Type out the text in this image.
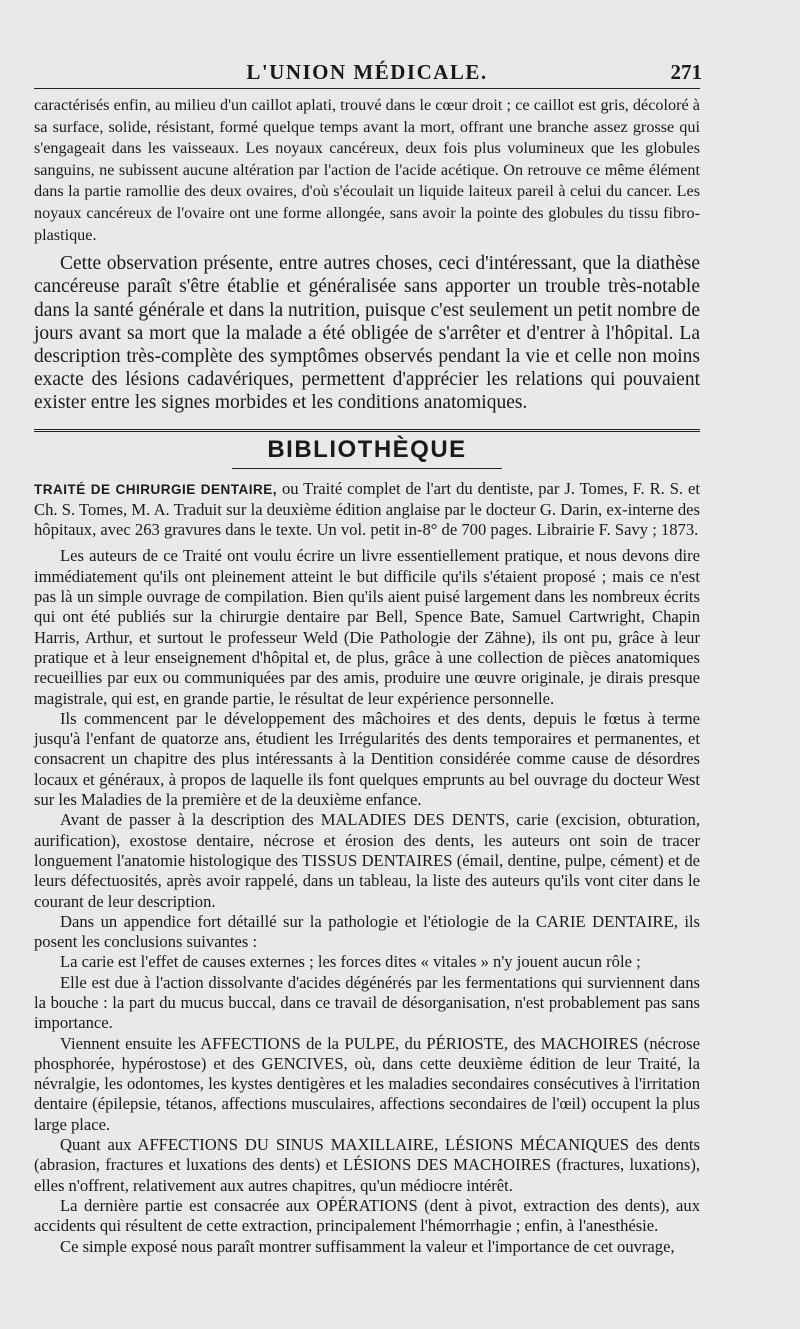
L'UNION MÉDICALE.	271

caractérisés enfin, au milieu d'un caillot aplati, trouvé dans le cœur droit ; ce caillot est gris, décoloré à sa surface, solide, résistant, formé quelque temps avant la mort, offrant une branche assez grosse qui s'engageait dans les vaisseaux. Les noyaux cancéreux, deux fois plus volumineux que les globules sanguins, ne subissent aucune altération par l'action de l'acide acétique. On retrouve ce même élément dans la partie ramollie des deux ovaires, d'où s'écoulait un liquide laiteux pareil à celui du cancer. Les noyaux cancéreux de l'ovaire ont une forme allongée, sans avoir la pointe des globules du tissu fibro-plastique.

Cette observation présente, entre autres choses, ceci d'intéressant, que la diathèse cancéreuse paraît s'être établie et généralisée sans apporter un trouble très-notable dans la santé générale et dans la nutrition, puisque c'est seulement un petit nombre de jours avant sa mort que la malade a été obligée de s'arrêter et d'entrer à l'hôpital. La description très-complète des symptômes observés pendant la vie et celle non moins exacte des lésions cadavériques, permettent d'apprécier les relations qui pouvaient exister entre les signes morbides et les conditions anatomiques.

BIBLIOTHÈQUE

TRAITÉ DE CHIRURGIE DENTAIRE, ou Traité complet de l'art du dentiste, par J. Tomes, F. R. S. et Ch. S. Tomes, M. A. Traduit sur la deuxième édition anglaise par le docteur G. Darin, ex-interne des hôpitaux, avec 263 gravures dans le texte. Un vol. petit in-8° de 700 pages. Librairie F. Savy ; 1873.

Les auteurs de ce Traité ont voulu écrire un livre essentiellement pratique, et nous devons dire immédiatement qu'ils ont pleinement atteint le but difficile qu'ils s'étaient proposé ; mais ce n'est pas là un simple ouvrage de compilation. Bien qu'ils aient puisé largement dans les nombreux écrits qui ont été publiés sur la chirurgie dentaire par Bell, Spence Bate, Samuel Cartwright, Chapin Harris, Arthur, et surtout le professeur Weld (Die Pathologie der Zähne), ils ont pu, grâce à leur pratique et à leur enseignement d'hôpital et, de plus, grâce à une collection de pièces anatomiques recueillies par eux ou communiquées par des amis, produire une œuvre originale, je dirais presque magistrale, qui est, en grande partie, le résultat de leur expérience personnelle.

Ils commencent par le développement des mâchoires et des dents, depuis le fœtus à terme jusqu'à l'enfant de quatorze ans, étudient les Irrégularités des dents temporaires et permanentes, et consacrent un chapitre des plus intéressants à la Dentition considérée comme cause de désordres locaux et généraux, à propos de laquelle ils font quelques emprunts au bel ouvrage du docteur West sur les Maladies de la première et de la deuxième enfance.

Avant de passer à la description des MALADIES DES DENTS, carie (excision, obturation, aurification), exostose dentaire, nécrose et érosion des dents, les auteurs ont soin de tracer longuement l'anatomie histologique des TISSUS DENTAIRES (émail, dentine, pulpe, cément) et de leurs défectuosités, après avoir rappelé, dans un tableau, la liste des auteurs qu'ils vont citer dans le courant de leur description.

Dans un appendice fort détaillé sur la pathologie et l'étiologie de la CARIE DENTAIRE, ils posent les conclusions suivantes :

La carie est l'effet de causes externes ; les forces dites « vitales » n'y jouent aucun rôle ;

Elle est due à l'action dissolvante d'acides dégénérés par les fermentations qui surviennent dans la bouche : la part du mucus buccal, dans ce travail de désorganisation, n'est probablement pas sans importance.

Viennent ensuite les AFFECTIONS de la PULPE, du PÉRIOSTE, des MACHOIRES (nécrose phosphorée, hypérostose) et des GENCIVES, où, dans cette deuxième édition de leur Traité, la névralgie, les odontomes, les kystes dentigères et les maladies secondaires consécutives à l'irritation dentaire (épilepsie, tétanos, affections musculaires, affections secondaires de l'œil) occupent la plus large place.

Quant aux AFFECTIONS DU SINUS MAXILLAIRE, LÉSIONS MÉCANIQUES des dents (abrasion, fractures et luxations des dents) et LÉSIONS DES MACHOIRES (fractures, luxations), elles n'offrent, relativement aux autres chapitres, qu'un médiocre intérêt.

La dernière partie est consacrée aux OPÉRATIONS (dent à pivot, extraction des dents), aux accidents qui résultent de cette extraction, principalement l'hémorrhagie ; enfin, à l'anesthésie.

Ce simple exposé nous paraît montrer suffisamment la valeur et l'importance de cet ouvrage,
